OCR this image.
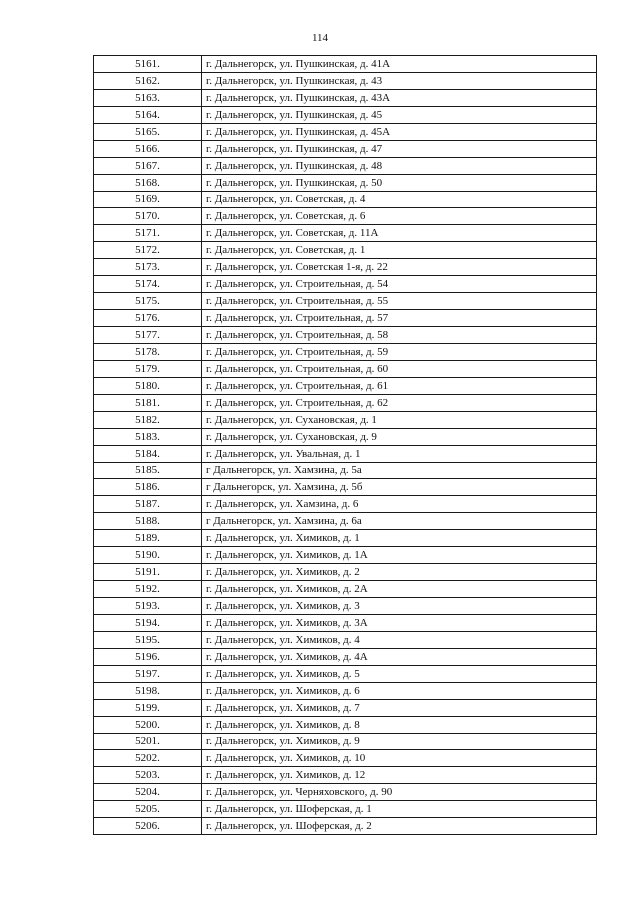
114
5161.	г. Дальнегорск, ул. Пушкинская, д. 41А
5162.	г. Дальнегорск, ул. Пушкинская, д. 43
5163.	г. Дальнегорск, ул. Пушкинская, д. 43А
5164.	г. Дальнегорск, ул. Пушкинская, д. 45
5165.	г. Дальнегорск, ул. Пушкинская, д. 45А
5166.	г. Дальнегорск, ул. Пушкинская, д. 47
5167.	г. Дальнегорск, ул. Пушкинская, д. 48
5168.	г. Дальнегорск, ул. Пушкинская, д. 50
5169.	г. Дальнегорск, ул. Советская, д. 4
5170.	г. Дальнегорск, ул. Советская, д. 6
5171.	г. Дальнегорск, ул. Советская, д. 11А
5172.	г. Дальнегорск, ул. Советская, д. 1
5173.	г. Дальнегорск, ул. Советская 1-я, д. 22
5174.	г. Дальнегорск, ул. Строительная, д. 54
5175.	г. Дальнегорск, ул. Строительная, д. 55
5176.	г. Дальнегорск, ул. Строительная, д. 57
5177.	г. Дальнегорск, ул. Строительная, д. 58
5178.	г. Дальнегорск, ул. Строительная, д. 59
5179.	г. Дальнегорск, ул. Строительная, д. 60
5180.	г. Дальнегорск, ул. Строительная, д. 61
5181.	г. Дальнегорск, ул. Строительная, д. 62
5182.	г. Дальнегорск, ул. Сухановская, д. 1
5183.	г. Дальнегорск, ул. Сухановская, д. 9
5184.	г. Дальнегорск, ул. Увальная, д. 1
5185.	г Дальнегорск, ул. Хамзина, д. 5а
5186.	г Дальнегорск, ул. Хамзина, д. 5б
5187.	г. Дальнегорск, ул. Хамзина, д. 6
5188.	г Дальнегорск, ул. Хамзина, д. 6а
5189.	г. Дальнегорск, ул. Химиков, д. 1
5190.	г. Дальнегорск, ул. Химиков, д. 1А
5191.	г. Дальнегорск, ул. Химиков, д. 2
5192.	г. Дальнегорск, ул. Химиков, д. 2А
5193.	г. Дальнегорск, ул. Химиков, д. 3
5194.	г. Дальнегорск, ул. Химиков, д. 3А
5195.	г. Дальнегорск, ул. Химиков, д. 4
5196.	г. Дальнегорск, ул. Химиков, д. 4А
5197.	г. Дальнегорск, ул. Химиков, д. 5
5198.	г. Дальнегорск, ул. Химиков, д. 6
5199.	г. Дальнегорск, ул. Химиков, д. 7
5200.	г. Дальнегорск, ул. Химиков, д. 8
5201.	г. Дальнегорск, ул. Химиков, д. 9
5202.	г. Дальнегорск, ул. Химиков, д. 10
5203.	г. Дальнегорск, ул. Химиков, д. 12
5204.	г. Дальнегорск, ул. Черняховского, д. 90
5205.	г. Дальнегорск, ул. Шоферская, д. 1
5206.	г. Дальнегорск, ул. Шоферская, д. 2
